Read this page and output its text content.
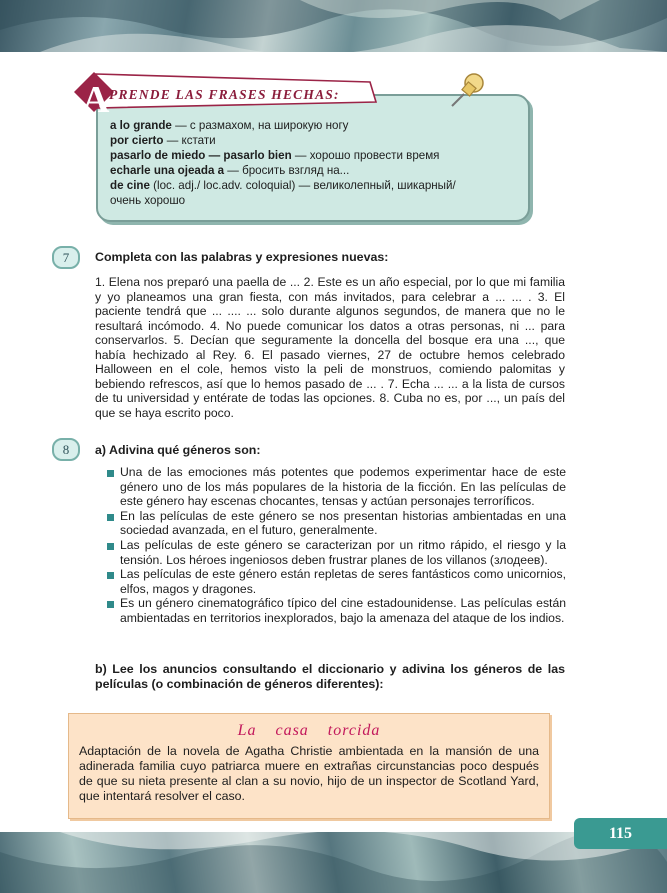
a lo grande — с размахом, на широкую ногу
por cierto — кстати
pasarlo de miedo — pasarlo bien — хорошо провести время
echarle una ojeada a — бросить взгляд на...
de cine (loc. adj./ loc.adv. coloquial) — великолепный, шикарный/
очень хорошо
A PRENDE LAS FRASES HECHAS:
7	Completa con las palabras y expresiones nuevas:
1. Elena nos preparó una paella de ... 2. Este es un año especial, por lo que mi familia y yo planeamos una gran fiesta, con más invitados, para celebrar a ... ... . 3. El paciente tendrá que ... .... ... solo durante algunos segundos, de manera que no le resultará incómodo. 4. No puede comunicar los datos a otras personas, ni ... para conservarlos. 5. Decían que seguramente la doncella del bosque era una ..., que había hechizado al Rey. 6. El pasado viernes, 27 de octubre hemos celebrado Halloween en el cole, hemos visto la peli de monstruos, comiendo palomitas y bebiendo refrescos, así que lo hemos pasado de ... . 7. Echa ... ... a la lista de cursos de tu universidad y entérate de todas las opciones. 8. Cuba no es, por ..., un país del que se haya escrito poco.
8	a) Adivina qué géneros son:

Una de las emociones más potentes que podemos experimentar hace de este género uno de los más populares de la historia de la ficción. En las películas de este género hay escenas chocantes, tensas y actúan personajes terroríficos.

En las películas de este género se nos presentan historias ambientadas en una sociedad avanzada, en el futuro, generalmente.

Las películas de este género se caracterizan por un ritmo rápido, el riesgo y la tensión. Los héroes ingeniosos deben frustrar planes de los villanos (злодеев).

Las películas de este género están repletas de seres fantásticos como unicornios, elfos, magos y dragones.

Es un género cinematográfico típico del cine estadounidense. Las películas están ambientadas en territorios inexplorados, bajo la amenaza del ataque de los indios.

b) Lee los anuncios consultando el diccionario y adivina los géneros de las películas (o combinación de géneros diferentes):
La casa torcida
Adaptación de la novela de Agatha Christie ambientada en la mansión de una adinerada familia cuyo patriarca muere en extrañas circunstancias poco después de que su nieta presente al clan a su novio, hijo de un inspector de Scotland Yard, que intentará resolver el caso.
115
